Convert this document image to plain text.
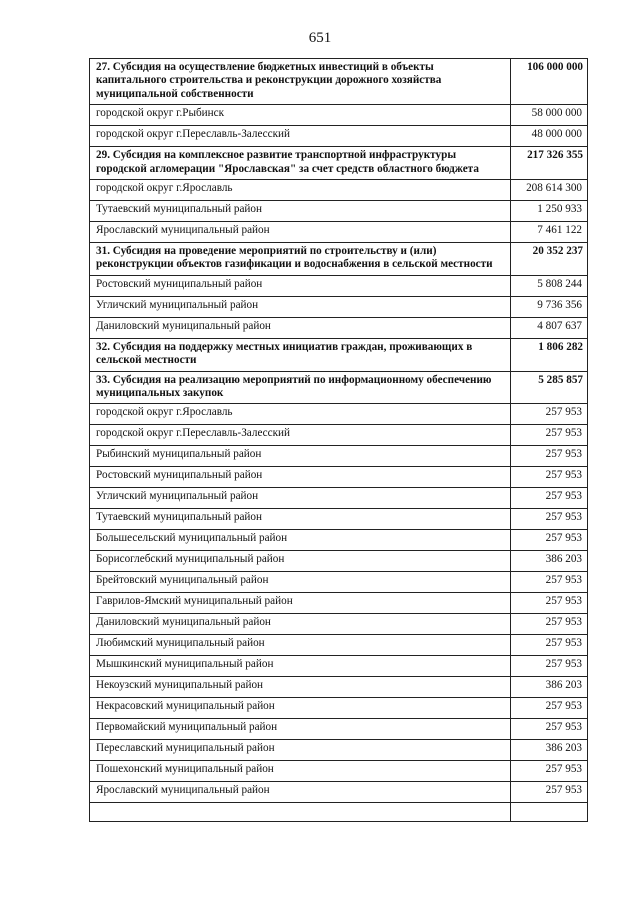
651
27. Субсидия на осуществление бюджетных инвестиций в объекты капитального строительства и реконструкции дорожного хозяйства муниципальной собственности	106 000 000
городской округ г.Рыбинск	58 000 000
городской округ г.Переславль-Залесский	48 000 000
29. Субсидия на комплексное развитие транспортной инфраструктуры городской агломерации "Ярославская" за счет средств областного бюджета	217 326 355
городской округ г.Ярославль	208 614 300
Тутаевский муниципальный район	1 250 933
Ярославский муниципальный район	7 461 122
31. Субсидия на проведение мероприятий по строительству и (или) реконструкции объектов газификации и водоснабжения в сельской местности	20 352 237
Ростовский муниципальный район	5 808 244
Угличский муниципальный район	9 736 356
Даниловский муниципальный район	4 807 637
32. Субсидия на поддержку местных инициатив граждан, проживающих в сельской местности	1 806 282
33. Субсидия на реализацию мероприятий по информационному обеспечению муниципальных закупок	5 285 857
городской округ г.Ярославль	257 953
городской округ г.Переславль-Залесский	257 953
Рыбинский муниципальный район	257 953
Ростовский муниципальный район	257 953
Угличский муниципальный район	257 953
Тутаевский муниципальный район	257 953
Большесельский муниципальный район	257 953
Борисоглебский муниципальный район	386 203
Брейтовский муниципальный район	257 953
Гаврилов-Ямский муниципальный район	257 953
Даниловский муниципальный район	257 953
Любимский муниципальный район	257 953
Мышкинский муниципальный район	257 953
Некоузский муниципальный район	386 203
Некрасовский муниципальный район	257 953
Первомайский муниципальный район	257 953
Переславский муниципальный район	386 203
Пошехонский муниципальный район	257 953
Ярославский муниципальный район	257 953
